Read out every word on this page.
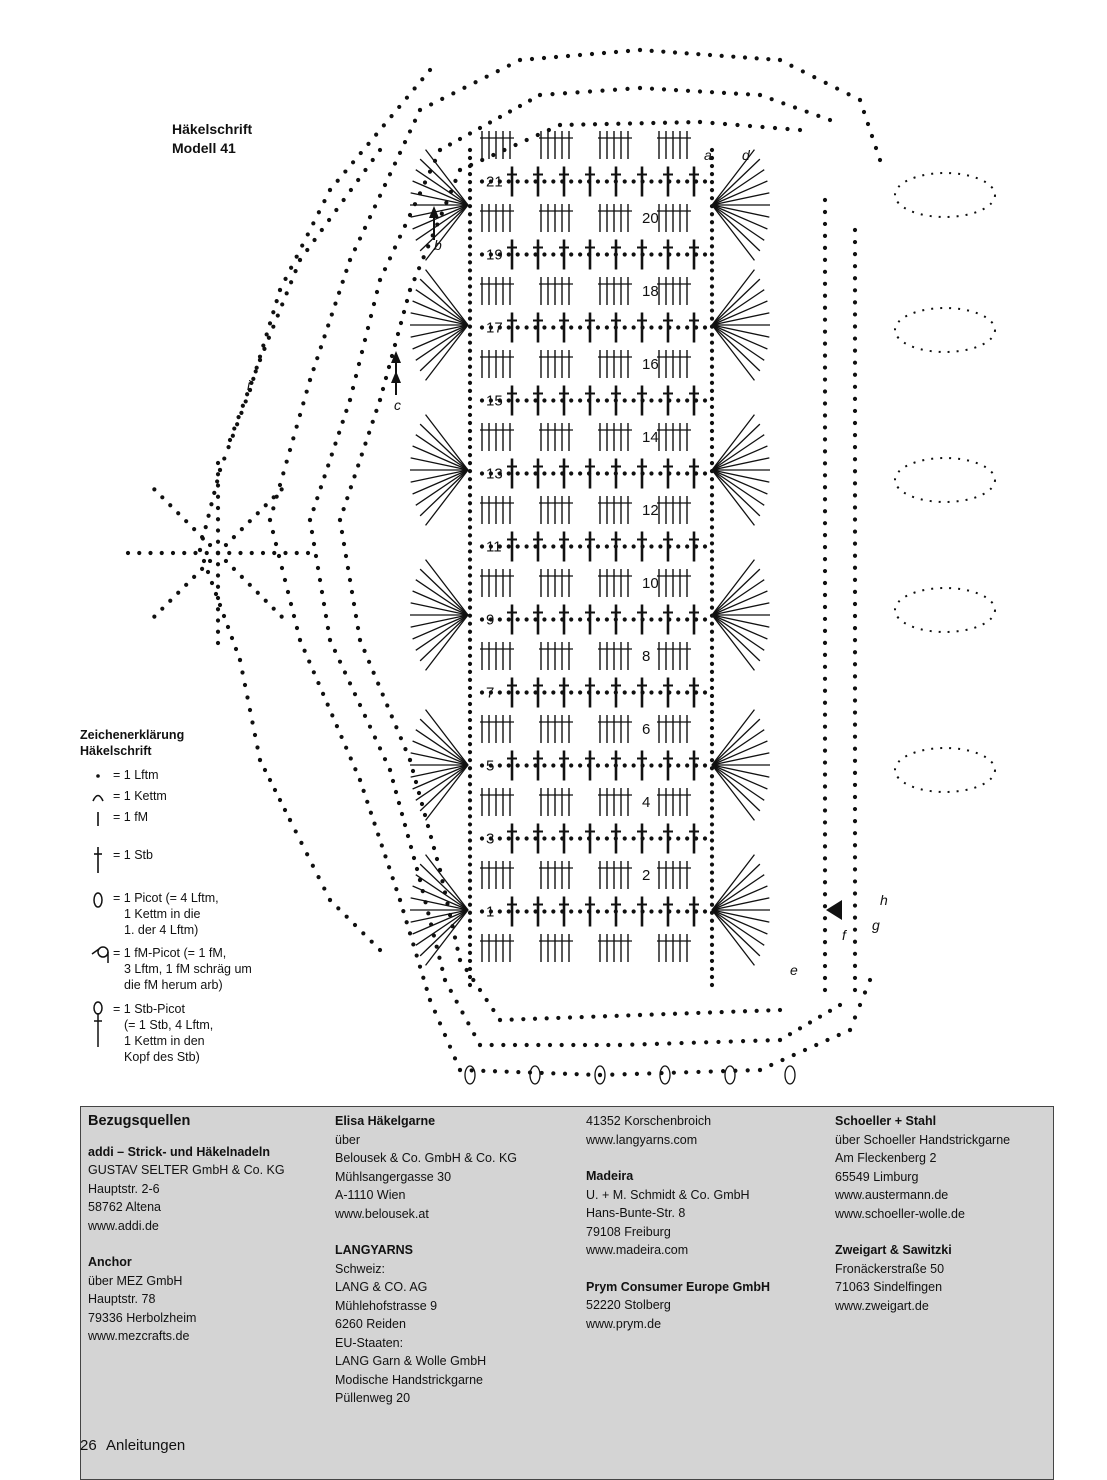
21
19
17
15
13
11
9
7
5
3
1
20
18
16
14
12
10
8
6
4
2
a
b
c
d
e
f
g
h
i
Häkelschrift
Modell 41
Zeichenerklärung
Häkelschrift
= 1 Lftm
= 1 Kettm
= 1 fM
= 1 Stb
= 1 Picot (= 4 Lftm,
1 Kettm in die
1. der 4 Lftm)
= 1 fM-Picot (= 1 fM,
3 Lftm, 1 fM schräg um
die fM herum arb)
= 1 Stb-Picot
(= 1 Stb, 4 Lftm,
1 Kettm in den
Kopf des Stb)
Bezugsquellen
addi – Strick- und Häkelnadeln
GUSTAV SELTER GmbH & Co. KG
Hauptstr. 2-6
58762 Altena
www.addi.de
Anchor
über MEZ GmbH
Hauptstr. 78
79336 Herbolzheim
www.mezcrafts.de
Elisa Häkelgarne
über
Belousek & Co. GmbH & Co. KG
Mühlsangergasse 30
A-1110 Wien
www.belousek.at
LANGYARNS
Schweiz:
LANG & CO. AG
Mühlehofstrasse 9
6260 Reiden
EU-Staaten:
LANG Garn & Wolle GmbH
Modische Handstrickgarne
Püllenweg 20
41352 Korschenbroich
www.langyarns.com
Madeira
U. + M. Schmidt & Co. GmbH
Hans-Bunte-Str. 8
79108 Freiburg
www.madeira.com
Prym Consumer Europe GmbH
52220 Stolberg
www.prym.de
Schoeller + Stahl
über Schoeller Handstrickgarne
Am Fleckenberg 2
65549 Limburg
www.austermann.de
www.schoeller-wolle.de
Zweigart & Sawitzki
Fronäckerstraße 50
71063 Sindelfingen
www.zweigart.de
26 Anleitungen
